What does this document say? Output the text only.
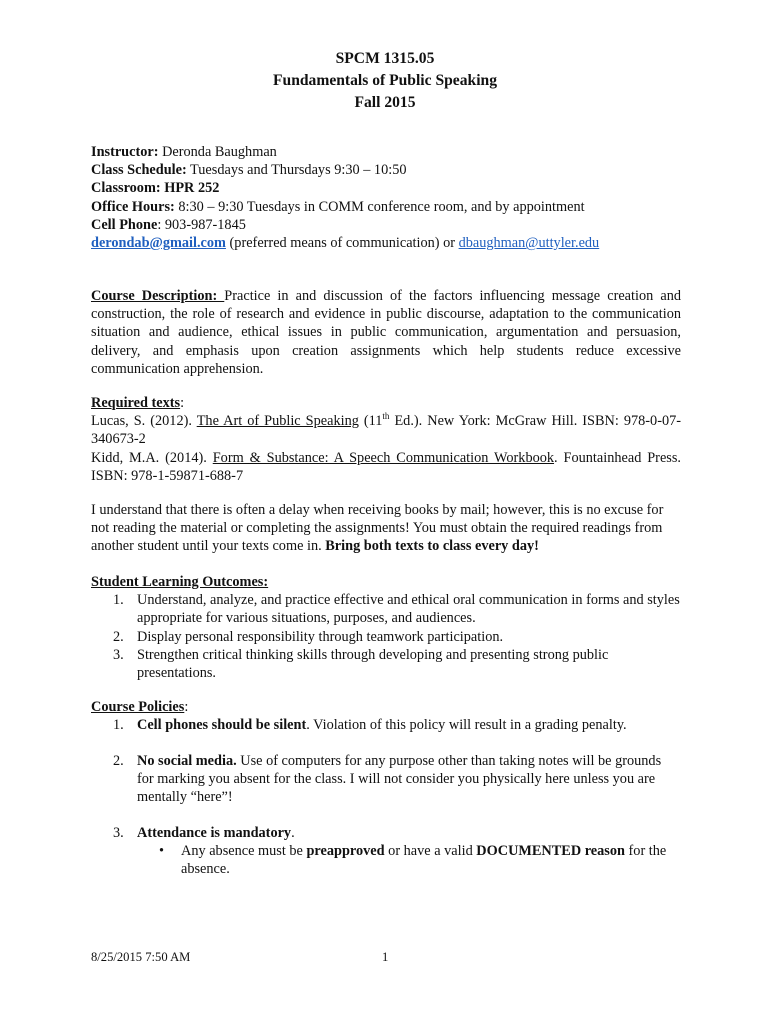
SPCM 1315.05
Fundamentals of Public Speaking
Fall 2015
Instructor: Deronda Baughman
Class Schedule: Tuesdays and Thursdays 9:30 – 10:50
Classroom: HPR 252
Office Hours: 8:30 – 9:30 Tuesdays in COMM conference room, and by appointment
Cell Phone: 903-987-1845
derondab@gmail.com (preferred means of communication) or dbaughman@uttyler.edu
Course Description: Practice in and discussion of the factors influencing message creation and construction, the role of research and evidence in public discourse, adaptation to the communication situation and audience, ethical issues in public communication, argumentation and persuasion, delivery, and emphasis upon creation assignments which help students reduce excessive communication apprehension.
Required texts:
Lucas, S. (2012). The Art of Public Speaking (11th Ed.). New York: McGraw Hill. ISBN: 978-0-07-340673-2
Kidd, M.A. (2014). Form & Substance: A Speech Communication Workbook. Fountainhead Press. ISBN: 978-1-59871-688-7
I understand that there is often a delay when receiving books by mail; however, this is no excuse for not reading the material or completing the assignments! You must obtain the required readings from another student until your texts come in. Bring both texts to class every day!
Student Learning Outcomes:
1. Understand, analyze, and practice effective and ethical oral communication in forms and styles appropriate for various situations, purposes, and audiences.
2. Display personal responsibility through teamwork participation.
3. Strengthen critical thinking skills through developing and presenting strong public presentations.
Course Policies:
1. Cell phones should be silent. Violation of this policy will result in a grading penalty.
2. No social media. Use of computers for any purpose other than taking notes will be grounds for marking you absent for the class. I will not consider you physically here unless you are mentally “here”!
3. Attendance is mandatory.
• Any absence must be preapproved or have a valid DOCUMENTED reason for the absence.
8/25/2015 7:50 AM	1
